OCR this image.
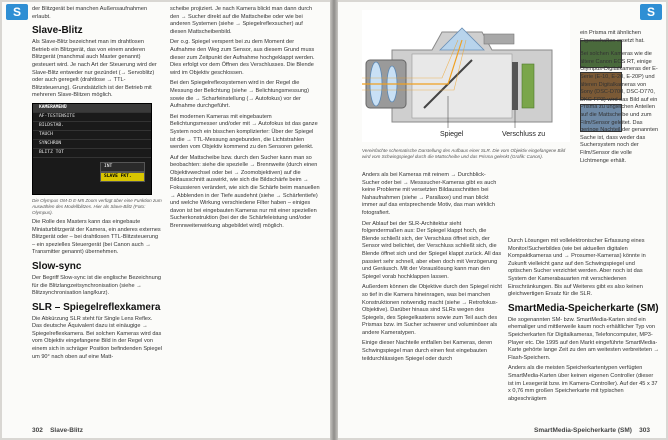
S	der Blitzgerät bei manchen Außensaufnahmen erlaubt.

Slave-Blitz

Als Slave-Blitz bezeichnet man im drahtlosen Betrieb ein Blitzgerät, das von einem anderen Blitzgerät (manchmal auch Master genannt) gesteuert wird. Je nach Art der Steuerung wird der Slave-Blitz entweder nur gezündet (→ Servoblitz) oder auch geregelt (drahtlose → TTL-Blitzsteuerung). Grundsätzlich ist der Betrieb mit mehreren Slave-Blitzen möglich.

KAMERAMENÜ
AF-TESTENSITE
BILDSTAB.
TAUCH
SYNCHRON
BLITZ TOT
INT
SLAVE FKT.

Die Olympus OM-D E-M5 Zoom verfügt über eine Funktion zum Auswählen des Modellblitzes. Hier als Slave-Blitz (Foto: Olympus).

Die Rolle des Masters kann das eingebaute Miniaturblitzgerät der Kamera, ein anderes externes Blitzgerät oder – bei drahtlosen TTL-Blitzsteuerung – ein spezielles Steuergerät (bei Canon auch → Transmitter genannt) übernehmen.

Slow-sync

Der Begriff Slow-sync ist die englische Bezeichnung für die Blitzlangzeitsynchronisation (siehe → Blitzsynchronisation lang/kurz).

SLR – Spiegelreflexkamera

Die Abkürzung SLR steht für Single Lens Reflex. Das deutsche Äquivalent dazu ist einäugige → Spiegelreflexkamera. Bei solchen Kameras wird das vom Objektiv eingefangene Bild in der Regel von einem sich in schräger Position befindenden Spiegel um 90° nach oben auf eine Matt-

scheibe projiziert. Je nach Kamera blickt man dann durch den → Sucher direkt auf die Mattscheibe oder wie bei anderen Systemen (siehe → Spiegelreflexsucher) auf diesen Mattscheibenbild.

Der o.g. Spiegel versperrt bei zu dem Moment der Aufnahme den Weg zum Sensor, aus diesem Grund muss dieser zum Zeitpunkt der Aufnahme hochgeklappt werden. Dies erfolgt vor dem Öffnen des Verschlusses. Die Blende wird im Objektiv geschlossen.

Bei den Spiegelreflexsystemen wird in der Regel die Messung der Belichtung (siehe → Belichtungsmessung) sowie die → Scharfeinstellung (→ Autofokus) vor der Aufnahme durchgeführt.

Bei modernen Kameras mit eingebautem Belichtungsmesser und/oder mit → Autofokus ist das ganze System noch ein bisschen komplizierter: Über der Spiegel ist die → TTL-Messung angebunden, die Lichtstrahlen werden vom Objektiv kommend zu den Sensoren gelenkt.

Auf der Mattscheibe bzw. durch den Sucher kann man so beobachten: siehe die spezielle → Brennweite (durch einen Objektivwechsel oder bei → Zoomobjektiven) auf die Bildausschnitt auswirkt, wie sich die Bildschärfe beim → Fokussieren verändert, wie sich die Schärfe beim manuellen → Abblenden in der Tiefe ausdehnt (siehe → Schärfentiefe) und welche Wirkung verschiedene Filter haben – einiges davon ist bei eingebauten Kameras nur mit einer speziellen Sucherkonstruktion (bei der die Schärfeleistung und/oder Brennweitenwirkung abgebildet wird) möglich.

302 Slave-Blitz
S
Spiegel	Verschluss zu

Vereinfachte schematische Darstellung des Aufbaus einer SLR. Die vom Objektiv eingefangene Bild wird vom Schwingspiegel durch die Mattscheibe und das Prisma gelenkt (Grafik: Canon).

Anders als bei Kameras mit reinem → Durchblick-Sucher oder bei → Messsucher-Kameras gibt es auch keine Probleme mit versetzten Bildausschnitten bei Nahaufnahmen (siehe → Parallaxe) und man blickt immer auf das entsprechende Motiv, das man wirklich fotografiert.

Der Ablauf bei der SLR-Architektur sieht folgendermaßen aus: Der Spiegel klappt hoch, die Blende schließt sich, der Verschluss öffnet sich, der Sensor wird belichtet, der Verschluss schließt sich, die Blende öffnet sich und der Spiegel klappt zurück. All das passiert sehr schnell, aber eben doch mit Verzögerung und Geräusch. Mit der Vorauslösung kann man den Spiegel vorab hochklappen lassen.

Außerdem können die Objektive durch den Spiegel nicht so tief in die Kamera hineinragen, was bei manchen Konstruktionen notwendig macht (siehe → Retrofokus-Objektive). Darüber hinaus sind SLRs wegen des Spiegels, des Spiegelkastens sowie zum Teil auch des Prismas bzw. im Sucher schwerer und voluminöser als andere Kameratypen.

Einige dieser Nachteile entfallen bei Kameras, deren Schwingspiegel man durch einen fest eingebauten teildurchlässigen Spiegel oder durch

ein Prisma mit ähnlichen Eigenschaften ersetzt hat.

Bei solchen Kameras wie die ältere Canon EOS RT, einige Olympus-Digitalkameras der E-Serie (E-10, E-20, E-20P) und älteren Digitalkameras von Sony (DSC-D700, DSC-D770, DKC-FP3) wird das Bild auf ein Prisma zu ungleichen Anteilen auf die Mattscheibe und zum Film/Sensor geleitet. Das geringe Nachteil der genannten Sache ist, dass weder das Suchersystem noch der Film/Sensor die volle Lichtmenge erhält.

Durch Lösungen mit vollelektronischer Erfassung eines Monitor/Sucherbildes (wie bei aktuellen digitalen Kompaktkameras und → Prosumer-Kameras) könnte in Zukunft vielleicht ganz auf den Schwingspiegel und optischen Sucher verzichtet werden. Aber noch ist das System der Kamerabauarten mit verschiedenen Einschränkungen. Bis auf Weiteres gibt es also keinen gleichwertigen Ersatz für die SLR.

SmartMedia-Speicherkarte (SM)

Die sogenannten SM- bzw. SmartMedia-Karten sind ein ehemaliger und mittlerweile kaum noch erhältlicher Typ von Speicherkarten für Digitalkameras, Telefoncomputer, MP3-Player etc. Die 1995 auf den Markt eingeführte SmartMedia-Karte gehörte lange Zeit zu den am weitesten verbreiteten → Flash-Speichern.

Anders als die meisten Speicherkartentypen verfügten SmartMedia-Karten über keinen eigenen Controller (dieser ist im Lesegerät bzw. im Kamera-Controller). Auf der 45 x 37 x 0,76 mm großen Speicherkarte mit typischen abgeschrägtem

SmartMedia-Speicherkarte (SM) 303
